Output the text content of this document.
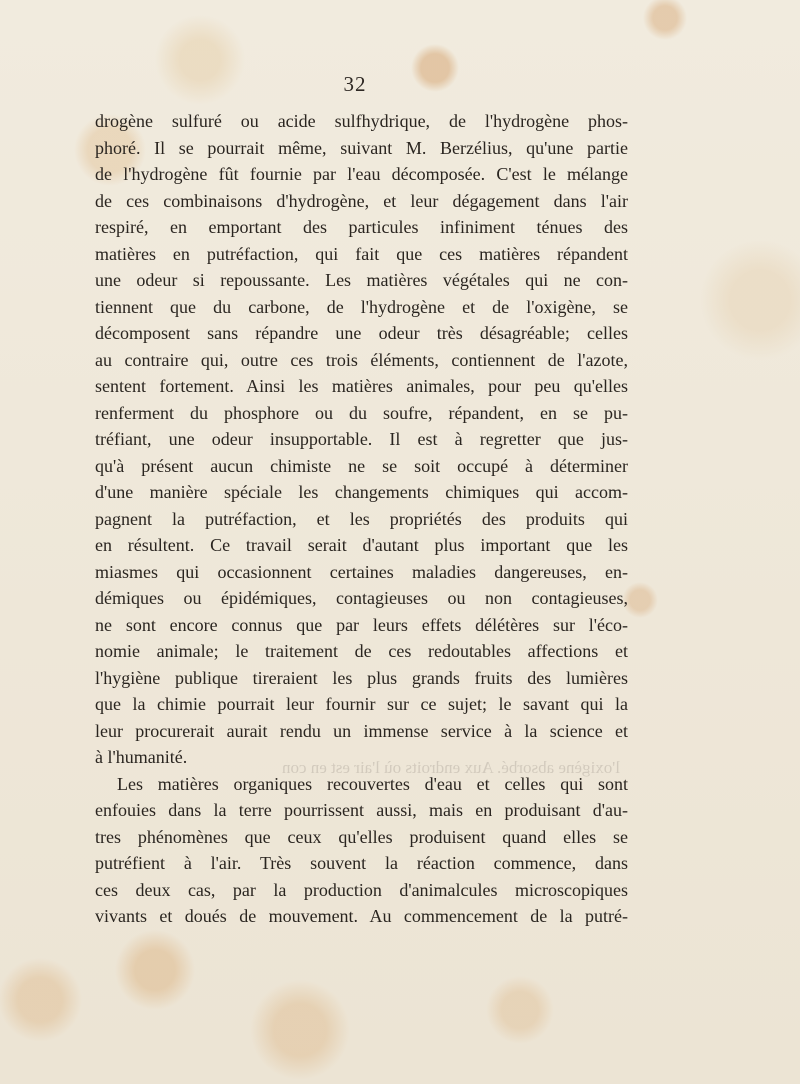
l'oxigène absorbé. Aux endroits où l'air est en con
32
drogène sulfuré ou acide sulfhydrique, de l'hydrogène phos-
phoré. Il se pourrait même, suivant M. Berzélius, qu'une partie
de l'hydrogène fût fournie par l'eau décomposée. C'est le mélange
de ces combinaisons d'hydrogène, et leur dégagement dans l'air
respiré, en emportant des particules infiniment ténues des
matières en putréfaction, qui fait que ces matières répandent
une odeur si repoussante. Les matières végétales qui ne con-
tiennent que du carbone, de l'hydrogène et de l'oxigène, se
décomposent sans répandre une odeur très désagréable; celles
au contraire qui, outre ces trois éléments, contiennent de l'azote,
sentent fortement. Ainsi les matières animales, pour peu qu'elles
renferment du phosphore ou du soufre, répandent, en se pu-
tréfiant, une odeur insupportable. Il est à regretter que jus-
qu'à présent aucun chimiste ne se soit occupé à déterminer
d'une manière spéciale les changements chimiques qui accom-
pagnent la putréfaction, et les propriétés des produits qui
en résultent. Ce travail serait d'autant plus important que les
miasmes qui occasionnent certaines maladies dangereuses, en-
démiques ou épidémiques, contagieuses ou non contagieuses,
ne sont encore connus que par leurs effets délétères sur l'éco-
nomie animale; le traitement de ces redoutables affections et
l'hygiène publique tireraient les plus grands fruits des lumières
que la chimie pourrait leur fournir sur ce sujet; le savant qui la
leur procurerait aurait rendu un immense service à la science et
à l'humanité.
Les matières organiques recouvertes d'eau et celles qui sont
enfouies dans la terre pourrissent aussi, mais en produisant d'au-
tres phénomènes que ceux qu'elles produisent quand elles se
putréfient à l'air. Très souvent la réaction commence, dans
ces deux cas, par la production d'animalcules microscopiques
vivants et doués de mouvement. Au commencement de la putré-
